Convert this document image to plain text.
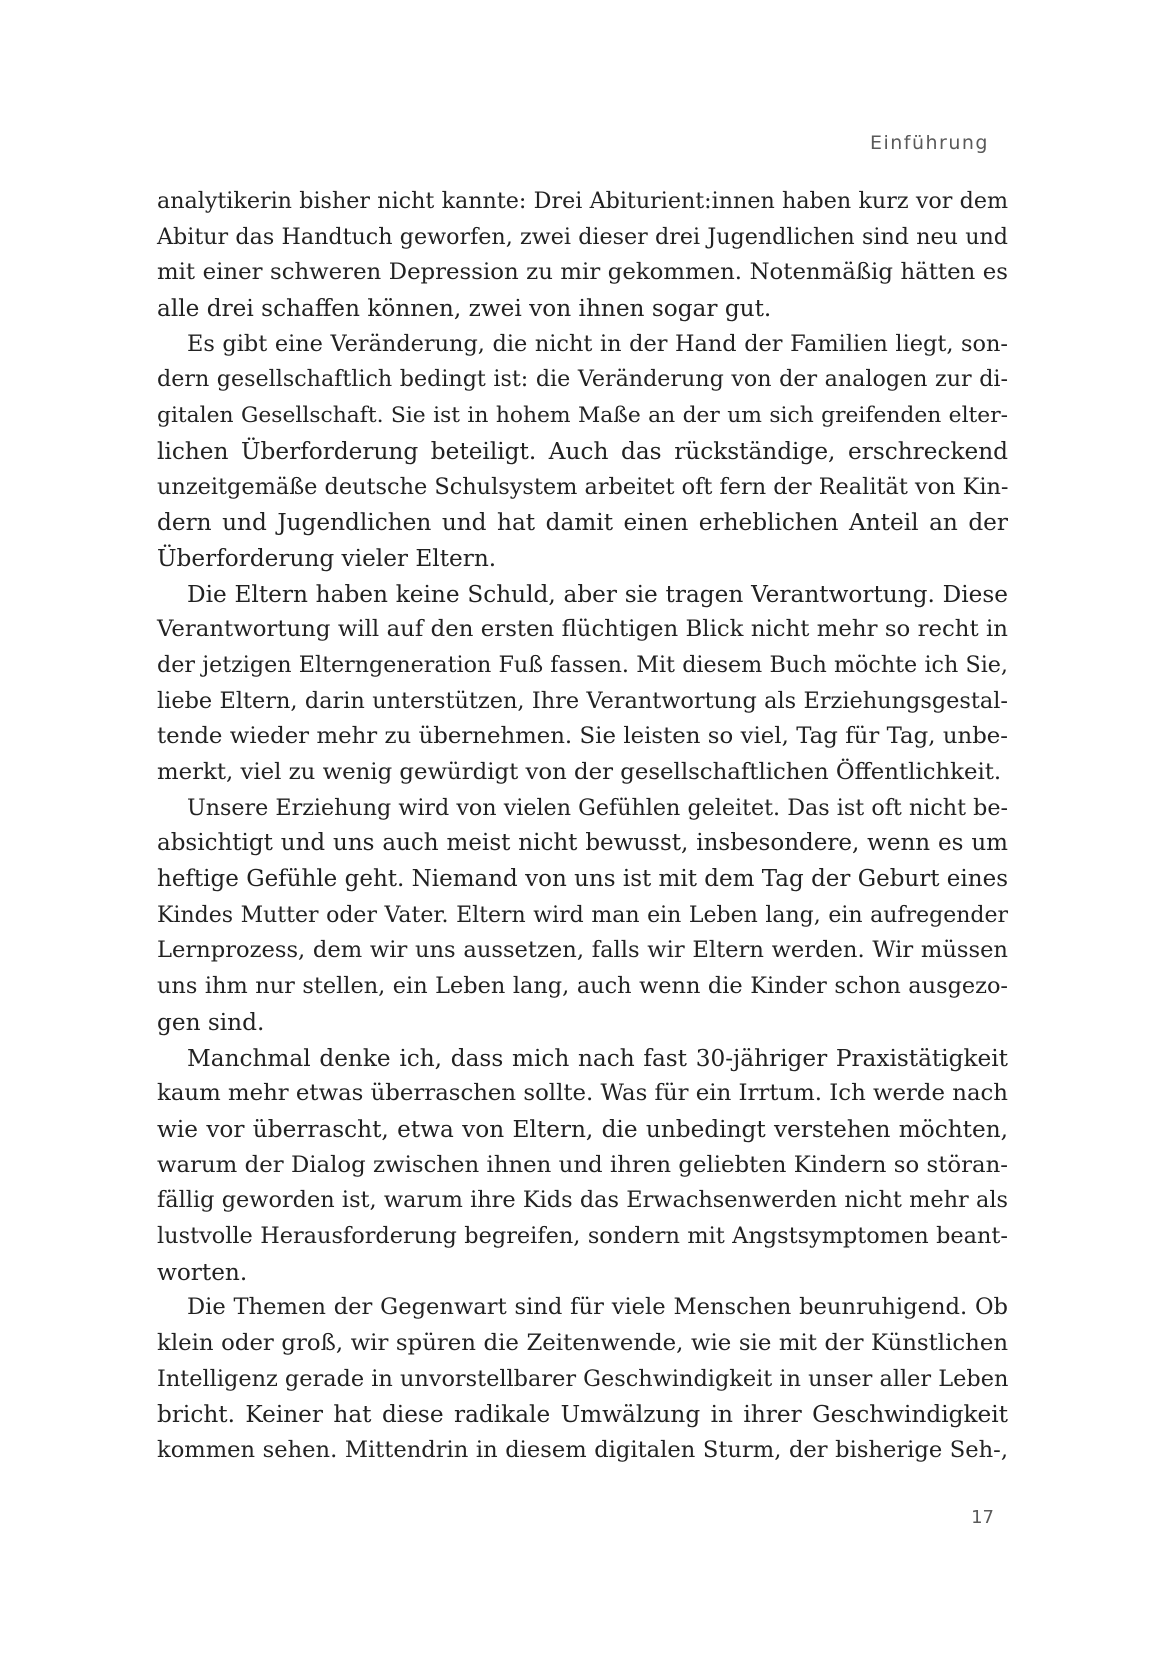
Einführung
analytikerin bisher nicht kannte: Drei Abiturient:innen haben kurz vor dem
Abitur das Handtuch geworfen, zwei dieser drei Jugendlichen sind neu und
mit einer schweren Depression zu mir gekommen. Notenmäßig hätten es
alle drei schaffen können, zwei von ihnen sogar gut.
Es gibt eine Veränderung, die nicht in der Hand der Familien liegt, son-
dern gesellschaftlich bedingt ist: die Veränderung von der analogen zur di-
gitalen Gesellschaft. Sie ist in hohem Maße an der um sich greifenden elter-
lichen Überforderung beteiligt. Auch das rückständige, erschreckend
unzeitgemäße deutsche Schulsystem arbeitet oft fern der Realität von Kin-
dern und Jugendlichen und hat damit einen erheblichen Anteil an der
Überforderung vieler Eltern.
Die Eltern haben keine Schuld, aber sie tragen Verantwortung. Diese
Verantwortung will auf den ersten flüchtigen Blick nicht mehr so recht in
der jetzigen Elterngeneration Fuß fassen. Mit diesem Buch möchte ich Sie,
liebe Eltern, darin unterstützen, Ihre Verantwortung als Erziehungsgestal-
tende wieder mehr zu übernehmen. Sie leisten so viel, Tag für Tag, unbe-
merkt, viel zu wenig gewürdigt von der gesellschaftlichen Öffentlichkeit.
Unsere Erziehung wird von vielen Gefühlen geleitet. Das ist oft nicht be-
absichtigt und uns auch meist nicht bewusst, insbesondere, wenn es um
heftige Gefühle geht. Niemand von uns ist mit dem Tag der Geburt eines
Kindes Mutter oder Vater. Eltern wird man ein Leben lang, ein aufregender
Lernprozess, dem wir uns aussetzen, falls wir Eltern werden. Wir müssen
uns ihm nur stellen, ein Leben lang, auch wenn die Kinder schon ausgezo-
gen sind.
Manchmal denke ich, dass mich nach fast 30-jähriger Praxistätigkeit
kaum mehr etwas überraschen sollte. Was für ein Irrtum. Ich werde nach
wie vor überrascht, etwa von Eltern, die unbedingt verstehen möchten,
warum der Dialog zwischen ihnen und ihren geliebten Kindern so störan-
fällig geworden ist, warum ihre Kids das Erwachsenwerden nicht mehr als
lustvolle Herausforderung begreifen, sondern mit Angstsymptomen beant-
worten.
Die Themen der Gegenwart sind für viele Menschen beunruhigend. Ob
klein oder groß, wir spüren die Zeitenwende, wie sie mit der Künstlichen
Intelligenz gerade in unvorstellbarer Geschwindigkeit in unser aller Leben
bricht. Keiner hat diese radikale Umwälzung in ihrer Geschwindigkeit
kommen sehen. Mittendrin in diesem digitalen Sturm, der bisherige Seh-,
17
